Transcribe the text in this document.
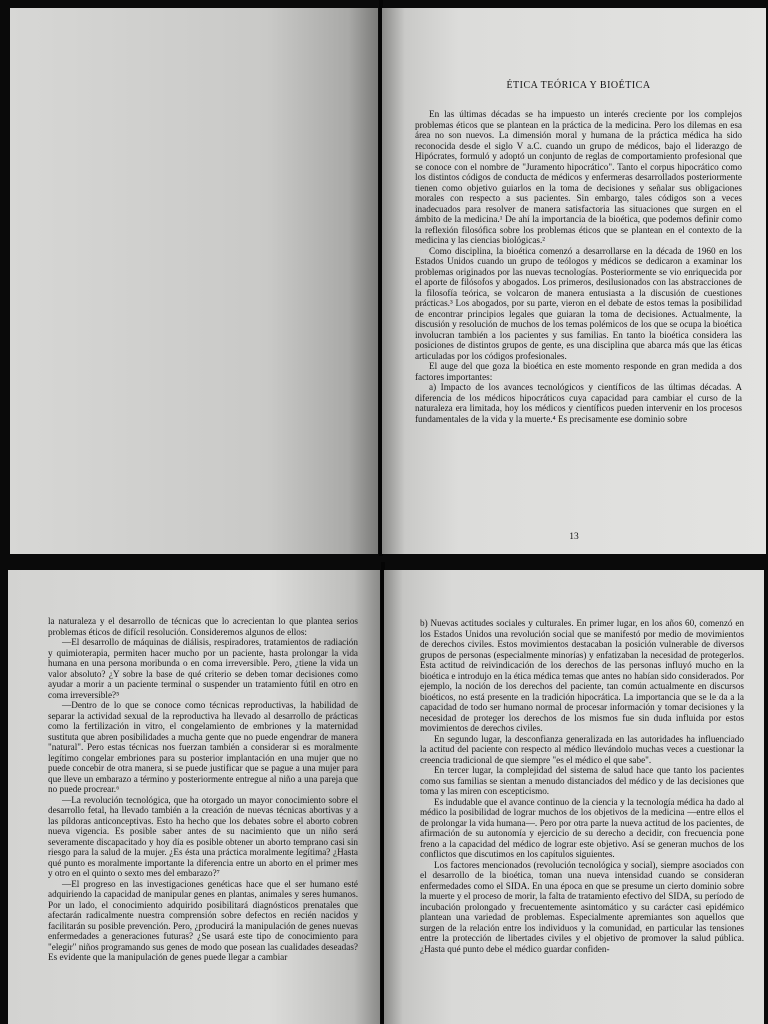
ÉTICA TEÓRICA Y BIOÉTICA

En las últimas décadas se ha impuesto un interés creciente por los complejos problemas éticos que se plantean en la práctica de la medicina. Pero los dilemas en esa área no son nuevos. La dimensión moral y humana de la práctica médica ha sido reconocida desde el siglo V a.C. cuando un grupo de médicos, bajo el liderazgo de Hipócrates, formuló y adoptó un conjunto de reglas de comportamiento profesional que se conoce con el nombre de "Juramento hipocrático". Tanto el corpus hipocrático como los distintos códigos de conducta de médicos y enfermeras desarrollados posteriormente tienen como objetivo guiarlos en la toma de decisiones y señalar sus obligaciones morales con respecto a sus pacientes. Sin embargo, tales códigos son a veces inadecuados para resolver de manera satisfactoria las situaciones que surgen en el ámbito de la medicina.¹ De ahí la importancia de la bioética, que podemos definir como la reflexión filosófica sobre los problemas éticos que se plantean en el contexto de la medicina y las ciencias biológicas.²

Como disciplina, la bioética comenzó a desarrollarse en la década de 1960 en los Estados Unidos cuando un grupo de teólogos y médicos se dedicaron a examinar los problemas originados por las nuevas tecnologías. Posteriormente se vio enriquecida por el aporte de filósofos y abogados. Los primeros, desilusionados con las abstracciones de la filosofía teórica, se volcaron de manera entusiasta a la discusión de cuestiones prácticas.³ Los abogados, por su parte, vieron en el debate de estos temas la posibilidad de encontrar principios legales que guiaran la toma de decisiones. Actualmente, la discusión y resolución de muchos de los temas polémicos de los que se ocupa la bioética involucran también a los pacientes y sus familias. En tanto la bioética considera las posiciones de distintos grupos de gente, es una disciplina que abarca más que las éticas articuladas por los códigos profesionales.

El auge del que goza la bioética en este momento responde en gran medida a dos factores importantes:

a) Impacto de los avances tecnológicos y científicos de las últimas décadas. A diferencia de los médicos hipocráticos cuya capacidad para cambiar el curso de la naturaleza era limitada, hoy los médicos y científicos pueden intervenir en los procesos fundamentales de la vida y la muerte.⁴ Es precisamente ese dominio sobre

13

la naturaleza y el desarrollo de técnicas que lo acrecientan lo que plantea serios problemas éticos de difícil resolución. Consideremos algunos de ellos:

—El desarrollo de máquinas de diálisis, respiradores, tratamientos de radiación y quimioterapia, permiten hacer mucho por un paciente, hasta prolongar la vida humana en una persona moribunda o en coma irreversible. Pero, ¿tiene la vida un valor absoluto? ¿Y sobre la base de qué criterio se deben tomar decisiones como ayudar a morir a un paciente terminal o suspender un tratamiento fútil en otro en coma irreversible?⁵

—Dentro de lo que se conoce como técnicas reproductivas, la habilidad de separar la actividad sexual de la reproductiva ha llevado al desarrollo de prácticas como la fertilización in vitro, el congelamiento de embriones y la maternidad sustituta que abren posibilidades a mucha gente que no puede engendrar de manera "natural". Pero estas técnicas nos fuerzan también a considerar si es moralmente legítimo congelar embriones para su posterior implantación en una mujer que no puede concebir de otra manera, si se puede justificar que se pague a una mujer para que lleve un embarazo a término y posteriormente entregue al niño a una pareja que no puede procrear.⁶

—La revolución tecnológica, que ha otorgado un mayor conocimiento sobre el desarrollo fetal, ha llevado también a la creación de nuevas técnicas abortivas y a las píldoras anticonceptivas. Esto ha hecho que los debates sobre el aborto cobren nueva vigencia. Es posible saber antes de su nacimiento que un niño será severamente discapacitado y hoy día es posible obtener un aborto temprano casi sin riesgo para la salud de la mujer. ¿Es ésta una práctica moralmente legítima? ¿Hasta qué punto es moralmente importante la diferencia entre un aborto en el primer mes y otro en el quinto o sexto mes del embarazo?⁷

—El progreso en las investigaciones genéticas hace que el ser humano esté adquiriendo la capacidad de manipular genes en plantas, animales y seres humanos. Por un lado, el conocimiento adquirido posibilitará diagnósticos prenatales que afectarán radicalmente nuestra comprensión sobre defectos en recién nacidos y facilitarán su posible prevención. Pero, ¿producirá la manipulación de genes nuevas enfermedades a generaciones futuras? ¿Se usará este tipo de conocimiento para "elegir" niños programando sus genes de modo que posean las cualidades deseadas? Es evidente que la manipulación de genes puede llegar a cambiar

b) Nuevas actitudes sociales y culturales. En primer lugar, en los años 60, comenzó en los Estados Unidos una revolución social que se manifestó por medio de movimientos de derechos civiles. Estos movimientos destacaban la posición vulnerable de diversos grupos de personas (especialmente minorías) y enfatizaban la necesidad de protegerlos. Esta actitud de reivindicación de los derechos de las personas influyó mucho en la bioética e introdujo en la ética médica temas que antes no habían sido considerados. Por ejemplo, la noción de los derechos del paciente, tan común actualmente en discursos bioéticos, no está presente en la tradición hipocrática. La importancia que se le da a la capacidad de todo ser humano normal de procesar información y tomar decisiones y la necesidad de proteger los derechos de los mismos fue sin duda influida por estos movimientos de derechos civiles.

En segundo lugar, la desconfianza generalizada en las autoridades ha influenciado la actitud del paciente con respecto al médico llevándolo muchas veces a cuestionar la creencia tradicional de que siempre "es el médico el que sabe".

En tercer lugar, la complejidad del sistema de salud hace que tanto los pacientes como sus familias se sientan a menudo distanciados del médico y de las decisiones que toma y las miren con escepticismo.

Es indudable que el avance continuo de la ciencia y la tecnología médica ha dado al médico la posibilidad de lograr muchos de los objetivos de la medicina —entre ellos el de prolongar la vida humana—. Pero por otra parte la nueva actitud de los pacientes, de afirmación de su autonomía y ejercicio de su derecho a decidir, con frecuencia pone freno a la capacidad del médico de lograr este objetivo. Así se generan muchos de los conflictos que discutimos en los capítulos siguientes.

Los factores mencionados (revolución tecnológica y social), siempre asociados con el desarrollo de la bioética, toman una nueva intensidad cuando se consideran enfermedades como el SIDA. En una época en que se presume un cierto dominio sobre la muerte y el proceso de morir, la falta de tratamiento efectivo del SIDA, su período de incubación prolongado y frecuentemente asintomático y su carácter casi epidémico plantean una variedad de problemas. Especialmente apremiantes son aquellos que surgen de la relación entre los individuos y la comunidad, en particular las tensiones entre la protección de libertades civiles y el objetivo de promover la salud pública. ¿Hasta qué punto debe el médico guardar confiden-
